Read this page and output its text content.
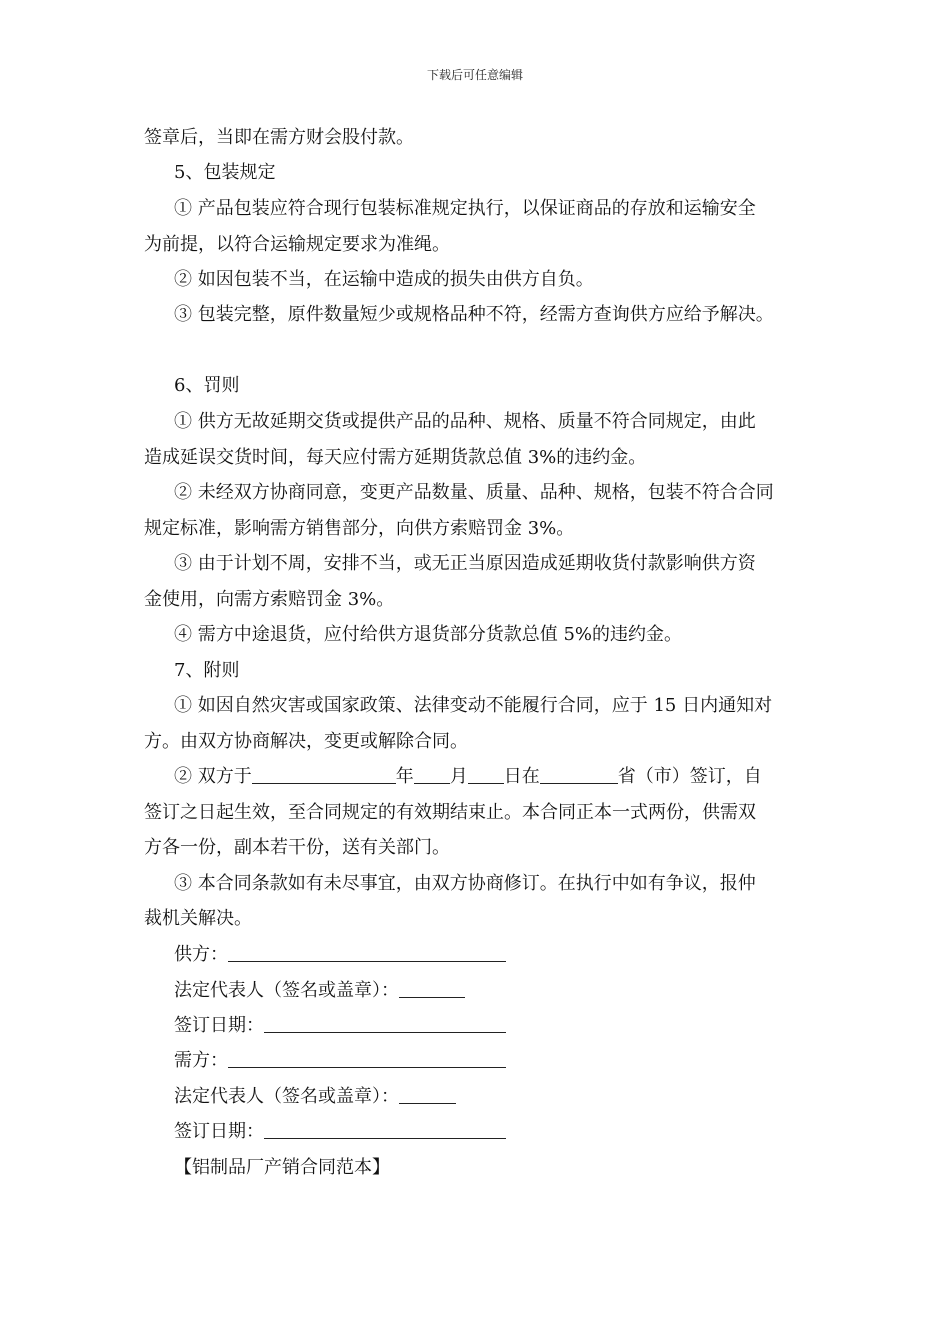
下载后可任意编辑
签章后，当即在需方财会股付款。
5、包装规定
① 产品包装应符合现行包装标准规定执行，以保证商品的存放和运输安全
为前提，以符合运输规定要求为准绳。
② 如因包装不当，在运输中造成的损失由供方自负。
③ 包装完整，原件数量短少或规格品种不符，经需方查询供方应给予解决。
6、罚则
① 供方无故延期交货或提供产品的品种、规格、质量不符合同规定，由此
造成延误交货时间，每天应付需方延期货款总值 3%的违约金。
② 未经双方协商同意，变更产品数量、质量、品种、规格，包装不符合合同
规定标准，影响需方销售部分，向供方索赔罚金 3%。
③ 由于计划不周，安排不当，或无正当原因造成延期收货付款影响供方资
金使用，向需方索赔罚金 3%。
④ 需方中途退货，应付给供方退货部分货款总值 5%的违约金。
7、附则
① 如因自然灾害或国家政策、法律变动不能履行合同，应于 15 日内通知对
方。由双方协商解决，变更或解除合同。
② 双方于	年 月 日在	省（市）签订，自
签订之日起生效，至合同规定的有效期结束止。本合同正本一式两份，供需双
方各一份，副本若干份，送有关部门。
③ 本合同条款如有未尽事宜，由双方协商修订。在执行中如有争议，报仲
裁机关解决。
供方：
法定代表人（签名或盖章）：
签订日期：
需方：
法定代表人（签名或盖章）：
签订日期：
【铝制品厂产销合同范本】
